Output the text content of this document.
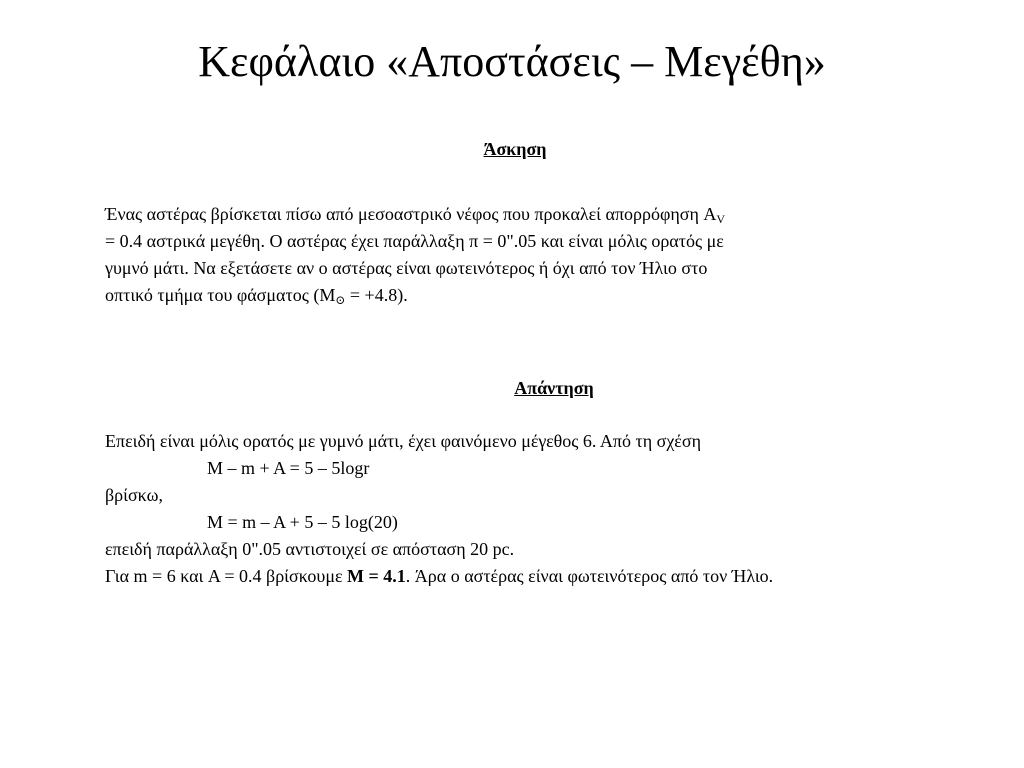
Κεφάλαιο «Αποστάσεις – Μεγέθη»
Άσκηση
Ένας αστέρας βρίσκεται πίσω από μεσοαστρικό νέφος που προκαλεί απορρόφηση $A_V$
= 0.4 αστρικά μεγέθη. Ο αστέρας έχει παράλλαξη π = 0".05 και είναι μόλις ορατός με
γυμνό μάτι. Να εξετάσετε αν ο αστέρας είναι φωτεινότερος ή όχι από τον Ήλιο στο
οπτικό τμήμα του φάσματος (M⊙ = +4.8).
Απάντηση
Επειδή είναι μόλις ορατός με γυμνό μάτι, έχει φαινόμενο μέγεθος 6. Από τη σχέση
M – m + A = 5 – 5logr
βρίσκω,
M = m – A + 5 – 5 log(20)
επειδή παράλλαξη 0".05 αντιστοιχεί σε απόσταση 20 pc.
Για m = 6 και A = 0.4 βρίσκουμε M = 4.1. Άρα ο αστέρας είναι φωτεινότερος από τον Ήλιο.
